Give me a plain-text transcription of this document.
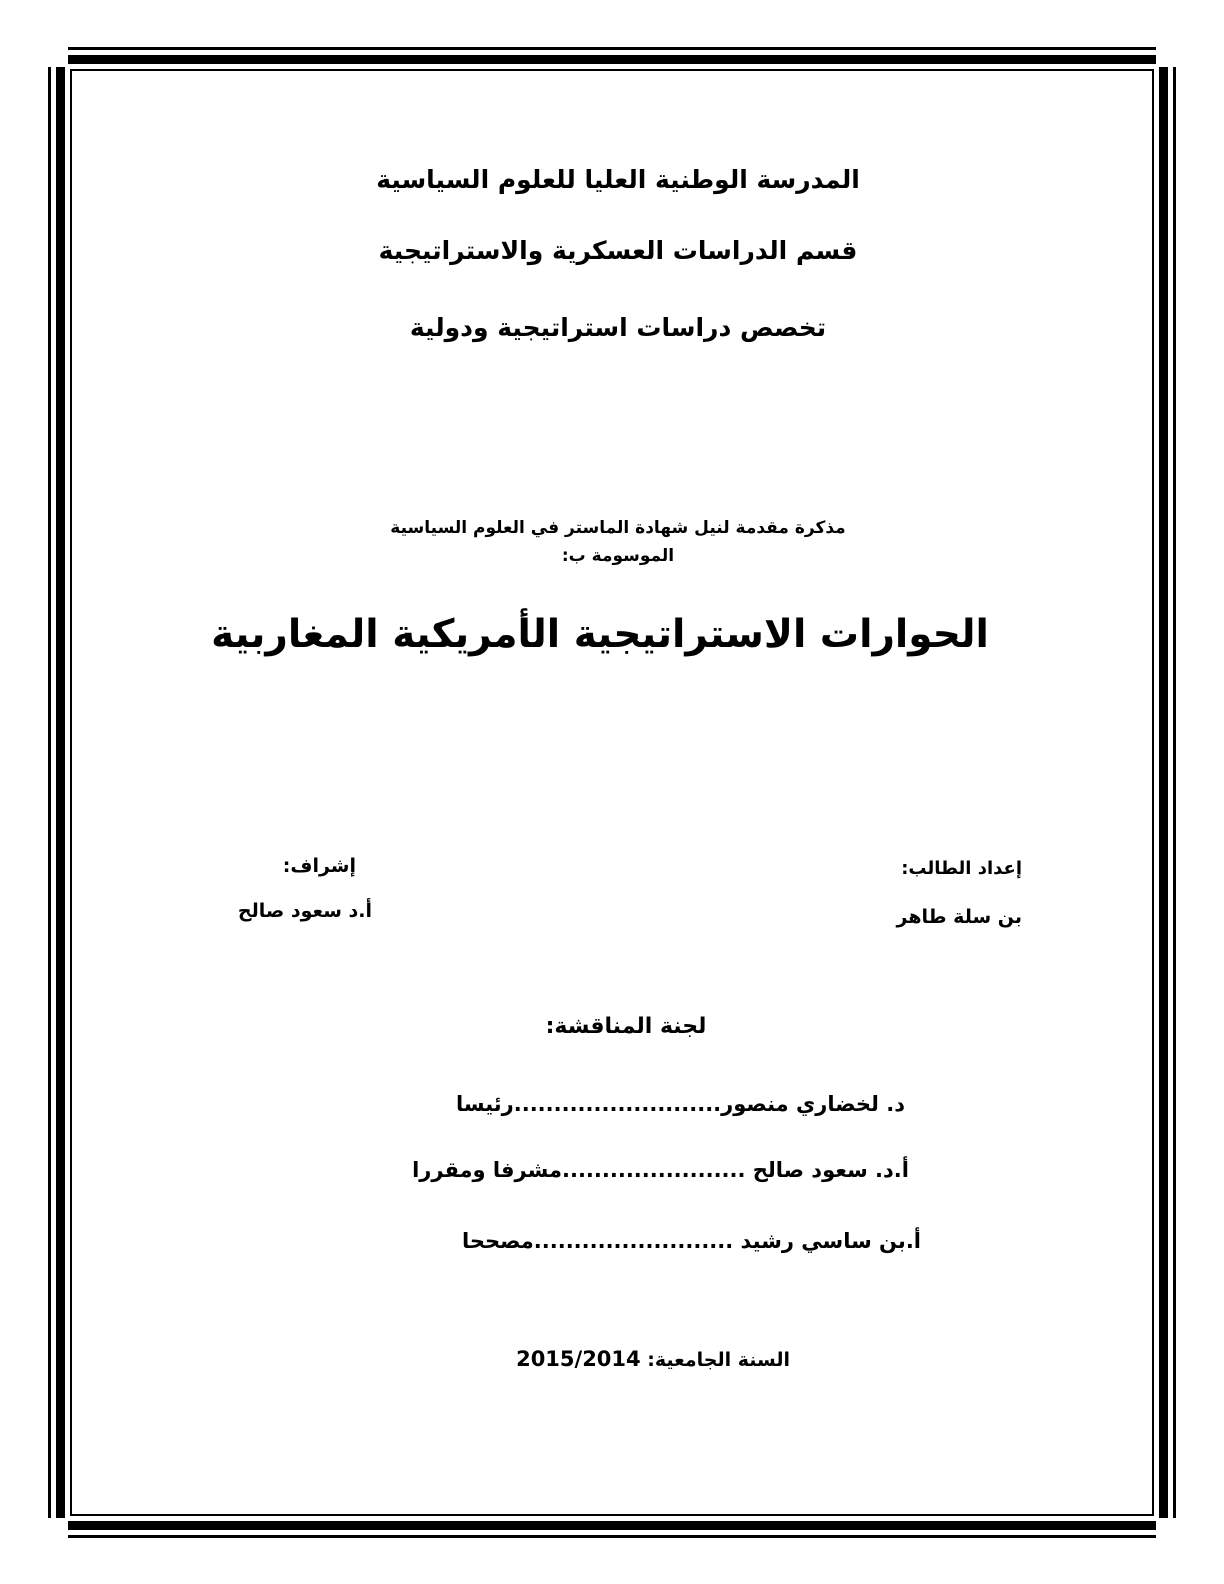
المدرسة الوطنية العليا للعلوم السياسية
قسم الدراسات العسكرية والاستراتيجية
تخصص دراسات استراتيجية ودولية
مذكرة مقدمة لنيل شهادة الماستر في العلوم السياسية
الموسومة ب:
الحوارات الاستراتيجية الأمريكية المغاربية
إعداد الطالب:
بن سلة طاهر
إشراف:
أ.د سعود صالح
لجنة المناقشة:
د. لخضاري منصور..........................رئيسا
أ.د. سعود صالح .......................مشرفا ومقررا
أ.بن ساسي رشيد .........................مصححا
السنة الجامعية: 2015/2014
